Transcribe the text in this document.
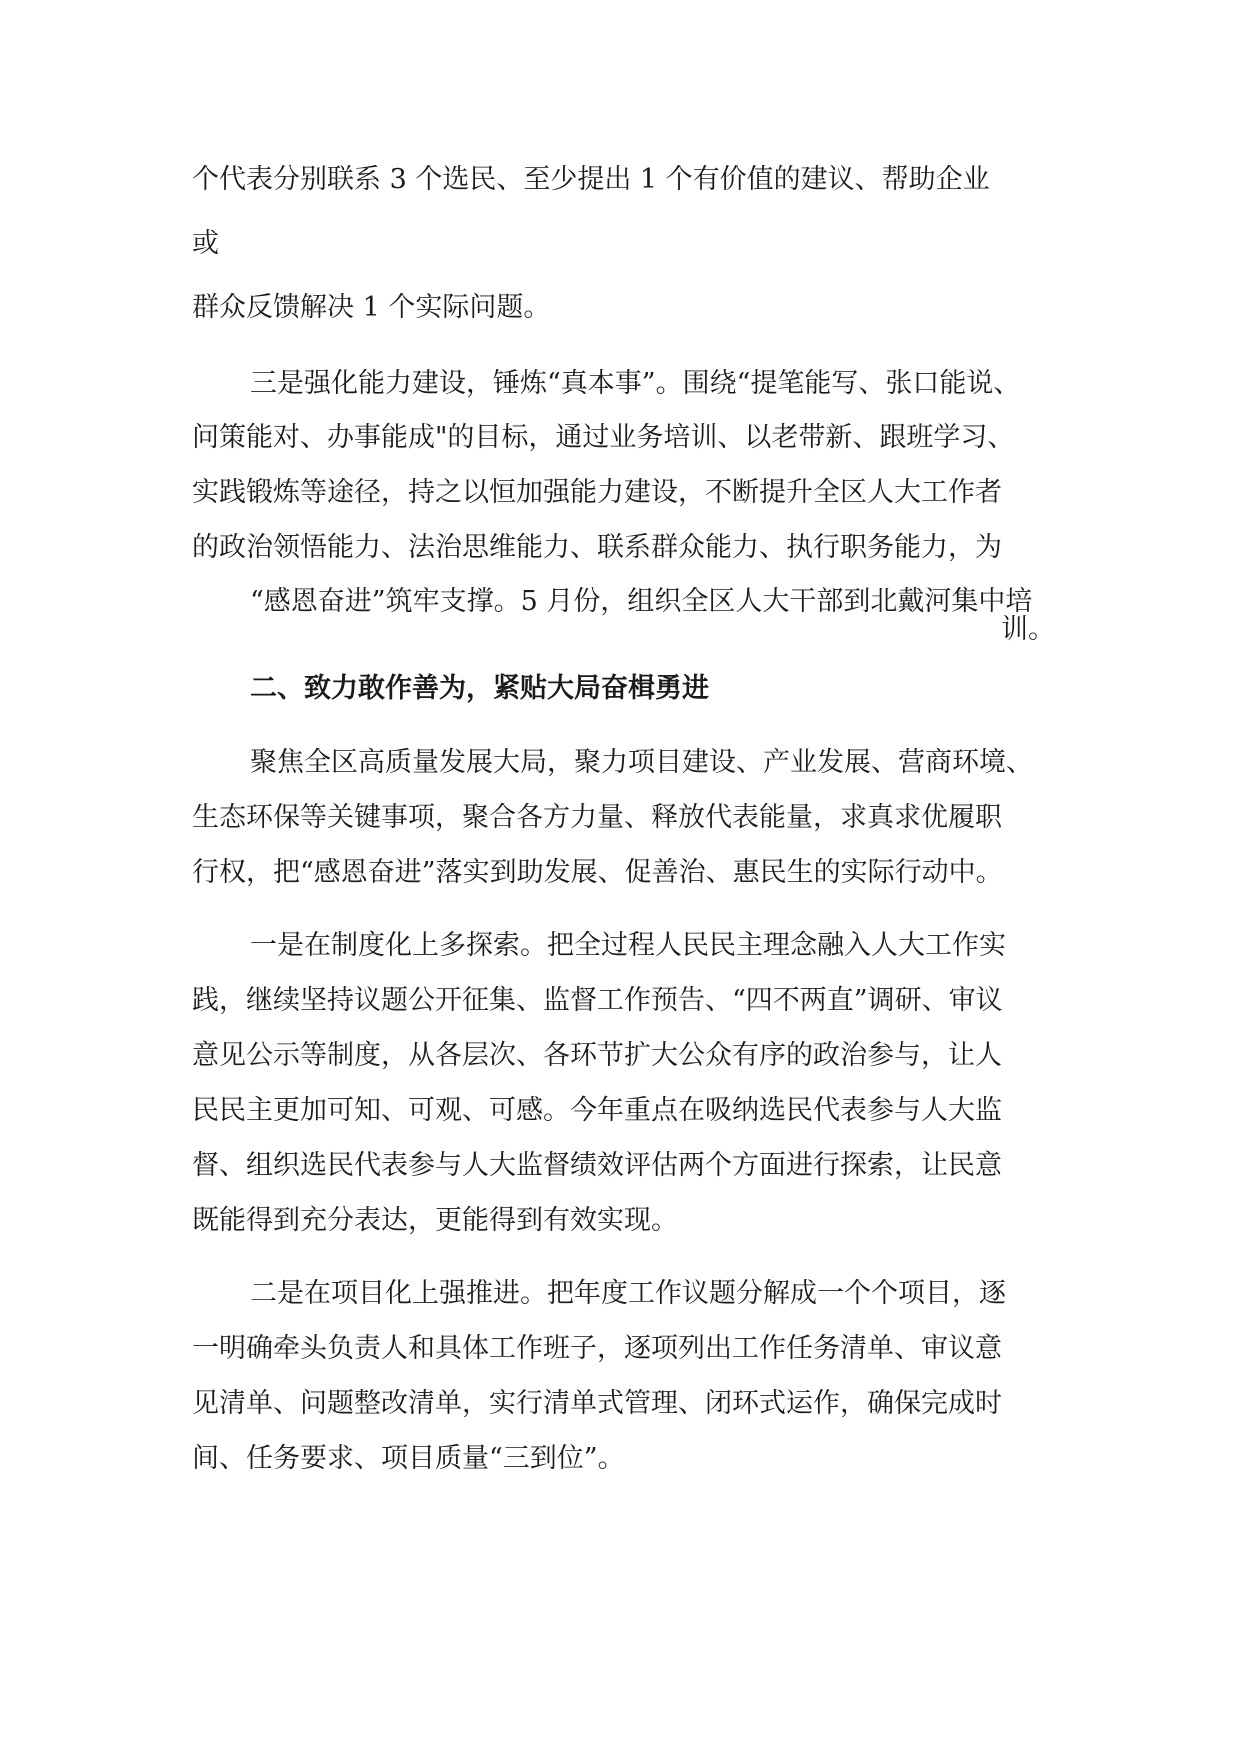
个代表分别联系 3 个选民、至少提出 1 个有价值的建议、帮助企业

或

群众反馈解决 1 个实际问题。

三是强化能力建设，锤炼“真本事”。围绕“提笔能写、张口能说、

问策能对、办事能成"的目标，通过业务培训、以老带新、跟班学习、

实践锻炼等途径，持之以恒加强能力建设，不断提升全区人大工作者

的政治领悟能力、法治思维能力、联系群众能力、执行职务能力，为

“感恩奋进”筑牢支撑。5 月份，组织全区人大干部到北戴河集中培

训。

二、致力敢作善为，紧贴大局奋楫勇进

聚焦全区高质量发展大局，聚力项目建设、产业发展、营商环境、

生态环保等关键事项，聚合各方力量、释放代表能量，求真求优履职

行权，把“感恩奋进”落实到助发展、促善治、惠民生的实际行动中。

一是在制度化上多探索。把全过程人民民主理念融入人大工作实

践，继续坚持议题公开征集、监督工作预告、“四不两直”调研、审议

意见公示等制度，从各层次、各环节扩大公众有序的政治参与，让人

民民主更加可知、可观、可感。今年重点在吸纳选民代表参与人大监

督、组织选民代表参与人大监督绩效评估两个方面进行探索，让民意

既能得到充分表达，更能得到有效实现。

二是在项目化上强推进。把年度工作议题分解成一个个项目，逐

一明确牵头负责人和具体工作班子，逐项列出工作任务清单、审议意

见清单、问题整改清单，实行清单式管理、闭环式运作，确保完成时

间、任务要求、项目质量“三到位”。
